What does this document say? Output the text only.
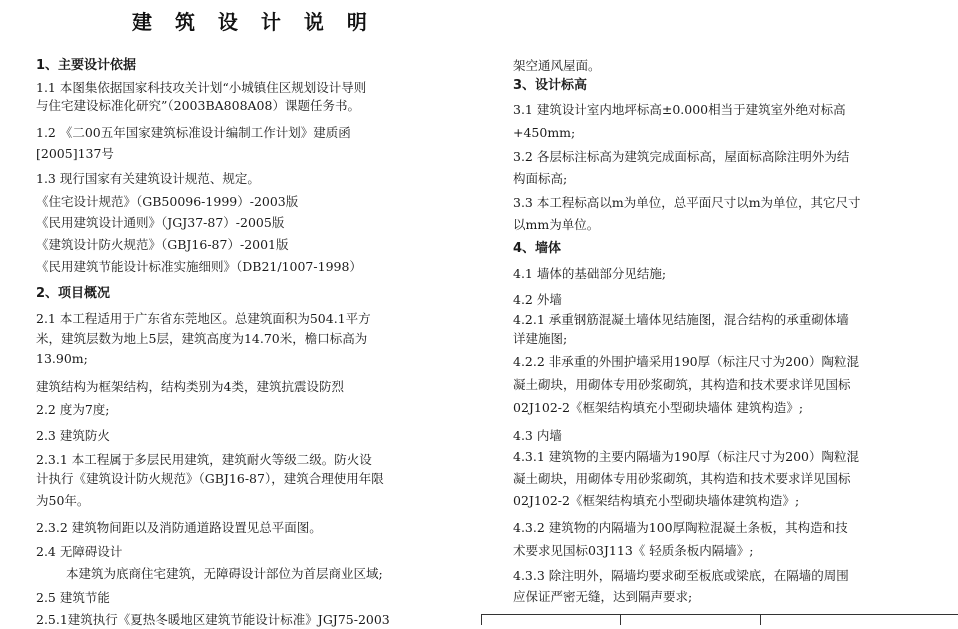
建 筑 设 计 说 明
1、主要设计依据
1.1 本图集依据国家科技攻关计划“小城镇住区规划设计导则
与住宅建设标准化研究”（2003BA808A08）课题任务书。
1.2 《二00五年国家建筑标准设计编制工作计划》建质函
[2005]137号
1.3 现行国家有关建筑设计规范、规定。
《住宅设计规范》（GB50096-1999）-2003版
《民用建筑设计通则》（JGJ37-87）-2005版
《建筑设计防火规范》（GBJ16-87）-2001版
《民用建筑节能设计标准实施细则》（DB21/1007-1998）
2、项目概况
2.1 本工程适用于广东省东莞地区。总建筑面积为504.1平方
米，建筑层数为地上5层，建筑高度为14.70米，檐口标高为
13.90m;
建筑结构为框架结构，结构类别为4类，建筑抗震设防烈
2.2 度为7度;
2.3 建筑防火
2.3.1 本工程属于多层民用建筑，建筑耐火等级二级。防火设
计执行《建筑设计防火规范》（GBJ16-87），建筑合理使用年限
为50年。
2.3.2 建筑物间距以及消防通道路设置见总平面图。
2.4 无障碍设计
本建筑为底商住宅建筑，无障碍设计部位为首层商业区域;
2.5 建筑节能
2.5.1建筑执行《夏热冬暖地区建筑节能设计标准》JGJ75-2003
架空通风屋面。
3、设计标高
3.1 建筑设计室内地坪标高±0.000相当于建筑室外绝对标高
+450mm;
3.2 各层标注标高为建筑完成面标高，屋面标高除注明外为结
构面标高;
3.3 本工程标高以m为单位，总平面尺寸以m为单位，其它尺寸
以mm为单位。
4、墙体
4.1 墙体的基础部分见结施;
4.2 外墙
4.2.1 承重钢筋混凝土墙体见结施图，混合结构的承重砌体墙
详建施图;
4.2.2 非承重的外围护墙采用190厚（标注尺寸为200）陶粒混
凝土砌块，用砌体专用砂浆砌筑，其构造和技术要求详见国标
02J102-2《框架结构填充小型砌块墙体 建筑构造》;
4.3 内墙
4.3.1 建筑物的主要内隔墙为190厚（标注尺寸为200）陶粒混
凝土砌块，用砌体专用砂浆砌筑，其构造和技术要求详见国标
02J102-2《框架结构填充小型砌块墙体建筑构造》;
4.3.2 建筑物的内隔墙为100厚陶粒混凝土条板，其构造和技
术要求见国标03J113《 轻质条板内隔墙》;
4.3.3 除注明外，隔墙均要求砌至板底或梁底，在隔墙的周围
应保证严密无缝，达到隔声要求;
